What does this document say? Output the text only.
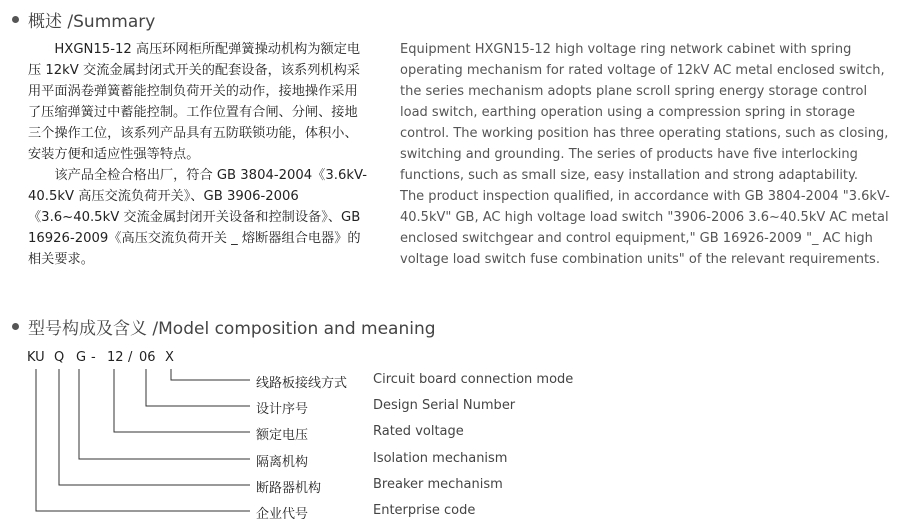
概述 /Summary

HXGN15-12 高压环网柜所配弹簧操动机构为额定电压 12kV 交流金属封闭式开关的配套设备，该系列机构采用平面涡卷弹簧蓄能控制负荷开关的动作，接地操作采用了压缩弹簧过中蓄能控制。工作位置有合闸、分闸、接地三个操作工位，该系列产品具有五防联锁功能，体积小、安装方便和适应性强等特点。

该产品全检合格出厂，符合 GB 3804-2004《3.6kV-40.5kV 高压交流负荷开关》、GB 3906-2006《3.6~40.5kV 交流金属封闭开关设备和控制设备》、GB 16926-2009《高压交流负荷开关 _ 熔断器组合电器》的相关要求。

Equipment HXGN15-12 high voltage ring network cabinet with spring operating mechanism for rated voltage of 12kV AC metal enclosed switch, the series mechanism adopts plane scroll spring energy storage control load switch, earthing operation using a compression spring in storage control. The working position has three operating stations, such as closing, switching and grounding. The series of products have five interlocking functions, such as small size, easy installation and strong adaptability.

The product inspection qualified, in accordance with GB 3804-2004 "3.6kV-40.5kV" GB, AC high voltage load switch "3906-2006 3.6~40.5kV AC metal enclosed switchgear and control equipment," GB 16926-2009 "_ AC high voltage load switch fuse combination units" of the relevant requirements.

型号构成及含义 /Model composition and meaning
KU Q G - 12 / 06 X
线路板接线方式 Circuit board connection mode
设计序号	Design Serial Number
额定电压	Rated voltage
隔离机构	Isolation mechanism
断路器机构	Breaker mechanism
企业代号	Enterprise code
